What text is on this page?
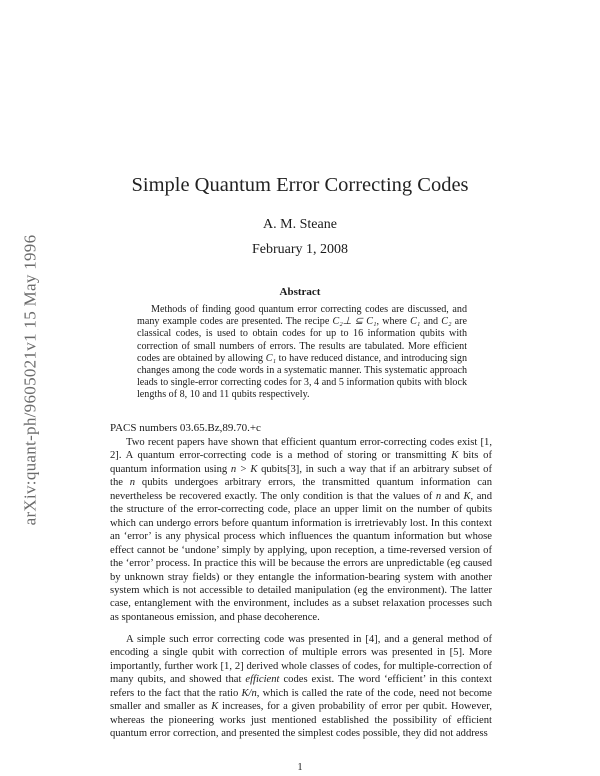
arXiv:quant-ph/9605021v1 15 May 1996
Simple Quantum Error Correcting Codes
A. M. Steane
February 1, 2008
Abstract

Methods of finding good quantum error correcting codes are discussed, and many example codes are presented. The recipe C₂⊥ ⊆ C₁, where C₁ and C₂ are classical codes, is used to obtain codes for up to 16 information qubits with correction of small numbers of errors. The results are tabulated. More efficient codes are obtained by allowing C₁ to have reduced distance, and introducing sign changes among the code words in a systematic manner. This systematic approach leads to single-error correcting codes for 3, 4 and 5 information qubits with block lengths of 8, 10 and 11 qubits respectively.

PACS numbers 03.65.Bz,89.70.+c

Two recent papers have shown that efficient quantum error-correcting codes exist [1, 2]. A quantum error-correcting code is a method of storing or transmitting K bits of quantum information using n > K qubits[3], in such a way that if an arbitrary subset of the n qubits undergoes arbitrary errors, the transmitted quantum information can nevertheless be recovered exactly. The only condition is that the values of n and K, and the structure of the error-correcting code, place an upper limit on the number of qubits which can undergo errors before quantum information is irretrievably lost. In this context an ‘error’ is any physical process which influences the quantum information but whose effect cannot be ‘undone’ simply by applying, upon reception, a time-reversed version of the ‘error’ process. In practice this will be because the errors are unpredictable (eg caused by unknown stray fields) or they entangle the information-bearing system with another system which is not accessible to detailed manipulation (eg the environment). The latter case, entanglement with the environment, includes as a subset relaxation processes such as spontaneous emission, and phase decoherence.

A simple such error correcting code was presented in [4], and a general method of encoding a single qubit with correction of multiple errors was presented in [5]. More importantly, further work [1, 2] derived whole classes of codes, for multiple-correction of many qubits, and showed that efficient codes exist. The word ‘efficient’ in this context refers to the fact that the ratio K/n, which is called the rate of the code, need not become smaller and smaller as K increases, for a given probability of error per qubit. However, whereas the pioneering works just mentioned established the possibility of efficient quantum error correction, and presented the simplest codes possible, they did not address

1
